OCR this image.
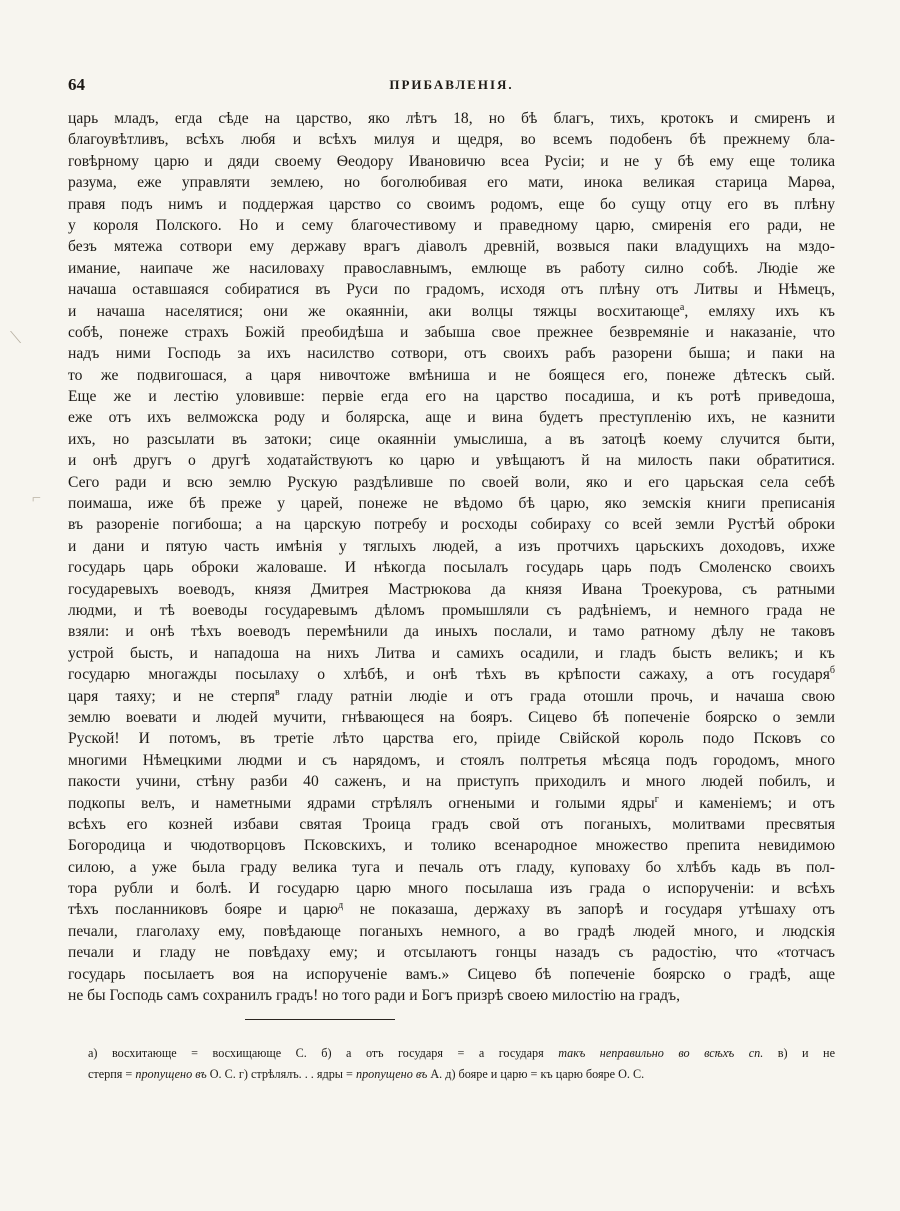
64	ПРИБАВЛЕНIЯ.
царь младъ, егда сѣде на царство, яко лѣтъ 18, но бѣ благъ, тихъ, кротокъ и смиренъ и
благоувѣтливъ, всѣхъ любя и всѣхъ милуя и щедря, во всемъ подобенъ бѣ прежнему бла-
говѣрному царю и дяди своему Ѳеодору Ивановичю всеа Русiи; и не у бѣ ему еще толика
разума, еже управляти землею, но боголюбивая его мати, инока великая старица Марѳа,
правя подъ нимъ и поддержая царство со своимъ родомъ, еще бо сущу отцу его въ плѣну
у короля Полского. Но и сему благочестивому и праведному царю, смиренiя его ради, не
безъ мятежа сотвори ему державу врагъ дiаволъ древнiй, возвыся паки владущихъ на мздо-
имание, наипаче же насиловаху православнымъ, емлюще въ работу силно собѣ. Людiе же
начаша оставшаяся собиратися въ Руси по градомъ, исходя отъ плѣну отъ Литвы и Нѣмецъ,
и начаша населятися; они же окаяннiи, аки волцы тяжцы восхитающе$^a$, емляху ихъ къ
собѣ, понеже страхъ Божiй преобидѣша и забыша свое прежнее безвремянiе и наказанiе, что
надъ ними Господь за ихъ насилство сотвори, отъ своихъ рабъ разорени быша; и паки на
то же подвигошася, а царя нивочтоже вмѣниша и не боящеся его, понеже дѣтескъ сый.
Еще же и лестiю уловивше: первiе егда его на царство посадиша, и къ ротѣ приведоша,
еже отъ ихъ велможска роду и болярска, аще и вина будетъ преступленiю ихъ, не казнити
ихъ, но разсылати въ затоки; сице окаяннiи умыслиша, а въ затоцѣ коему случится быти,
и онѣ другъ о другѣ ходатайствуютъ ко царю и увѣщаютъ й на милость паки обратитися.
Сего ради и всю землю Рускую раздѣливше по своей воли, яко и его царьская села себѣ
поимаша, иже бѣ преже у царей, понеже не вѣдомо бѣ царю, яко земскiя книги преписанiя
въ разоренiе погибоша; а на царскую потребу и росходы собираху со всей земли Рустѣй оброки
и дани и пятую часть имѣнiя у тяглыхъ людей, а изъ протчихъ царьскихъ доходовъ, ихже
государь царь оброки жаловаше. И нѣкогда посылалъ государь царь подъ Смоленско своихъ
государевыхъ воеводъ, князя Дмитрея Мастрюкова да князя Ивана Троекурова, съ ратными
людми, и тѣ воеводы государевымъ дѣломъ промышляли съ радѣнiемъ, и немного града не
взяли: и онѣ тѣхъ воеводъ перемѣнили да иныхъ послали, и тамо ратному дѣлу не таковъ
устрой бысть, и нападоша на нихъ Литва и самихъ осадили, и гладъ бысть великъ; и къ
государю многажды посылаху о хлѣбѣ, и онѣ тѣхъ въ крѣпости сажаху, а отъ государя$^б$
царя таяху; и не стерпя$^в$ гладу ратнiи людiе и отъ града отошли прочь, и начаша свою
землю воевати и людей мучити, гнѣвающеся на бояръ. Сицево бѣ попеченiе боярско о земли
Руской! И потомъ, въ третiе лѣто царства его, прiиде Свiйской король подо Псковъ со
многими Нѣмецкими людми и съ нарядомъ, и стоялъ полтретья мѣсяца подъ городомъ, много
пакости учини, стѣну разби 40 саженъ, и на приступъ приходилъ и много людей побилъ, и
подкопы велъ, и наметными ядрами стрѣлялъ огнеными и голыми ядры$^г$ и каменiемъ; и отъ
всѣхъ его козней избави святая Троица градъ свой отъ поганыхъ, молитвами пресвятыя
Богородица и чюдотворцовъ Псковскихъ, и толико всенародное множество препита невидимою
силою, а уже была граду велика туга и печаль отъ гладу, куповаху бо хлѣбъ кадь въ пол-
тора рубли и болѣ. И государю царю много посылаша изъ града о испорученiи: и всѣхъ
тѣхъ посланниковъ бояре и царю$^д$ не показаша, держаху въ запорѣ и государя утѣшаху отъ
печали, глаголаху ему, повѣдающе поганыхъ немного, а во градѣ людей много, и людскiя
печали и гладу не повѣдаху ему; и отсылаютъ гонцы назадъ съ радостiю, что «тотчасъ
государь посылаетъ воя на испорученiе вамъ.» Сицево бѣ попеченiе боярско о градѣ, аще
не бы Господь самъ сохранилъ градъ! но того ради и Богъ призрѣ своею милостiю на градъ,
а) восхитающе = восхищающе С. б) а отъ государя = а государя такъ неправильно во всѣхъ сп. в) и не
стерпя = пропущено въ О. С. г) стрѣлялъ. . . ядры = пропущено въ А. д) бояре и царю = къ царю бояре О. С.
⟍
⌐
